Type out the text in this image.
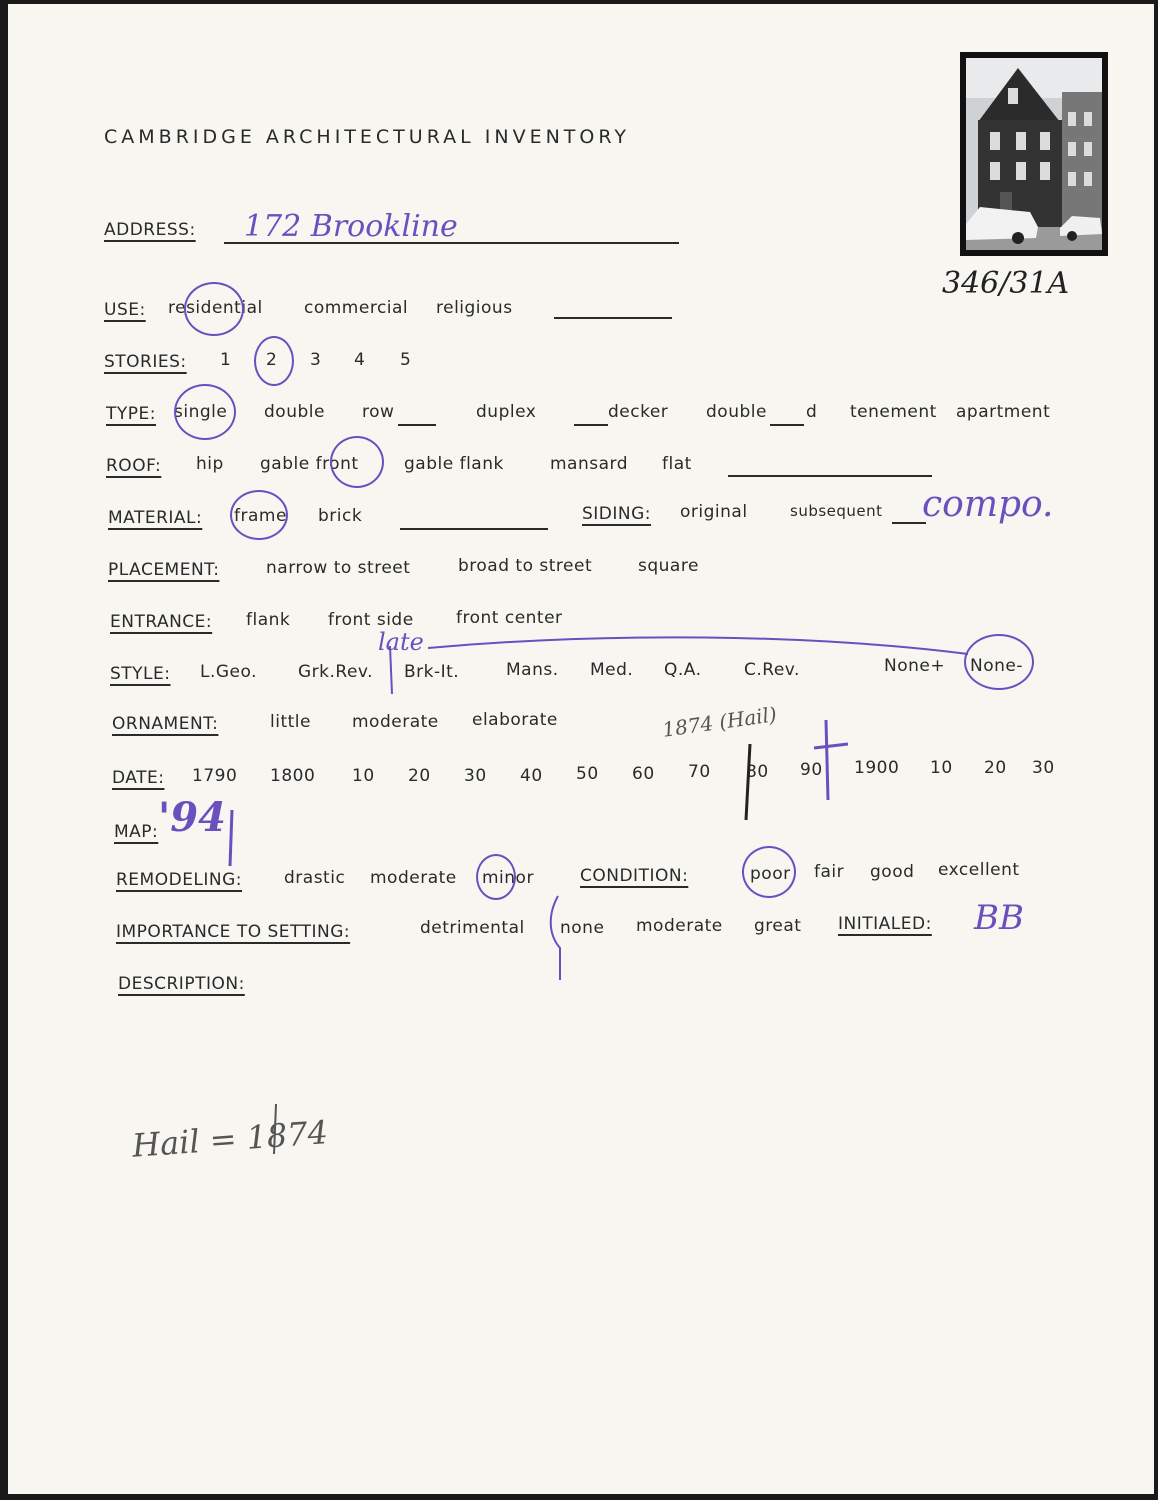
CAMBRIDGE ARCHITECTURAL INVENTORY
346/31A
ADDRESS: 172 Brookline
USE: residential commercial religious
STORIES: 1 2 3 4 5
TYPE: single double row	duplex	decker double d tenement apartment
ROOF: hip gable front	gable flank	mansard flat
MATERIAL: frame brick	SIDING: original	subsequent compo.
PLACEMENT:	narrow to street	broad to street	square
ENTRANCE: flank front side front center
STYLE: L.Geo. Grk.Rev. Brk-It.	Mans. Med. Q.A. C.Rev.	None+ None-
late
ORNAMENT:	little moderate elaborate	1874 (Hail)
DATE: 1790 1800 10 20 30 40 50 60 70 80 90 1900 10 20 30
MAP: '94
REMODELING: drastic moderate minor	CONDITION:	poor fair good excellent
IMPORTANCE TO SETTING:	detrimental none moderate great INITIALED: BB
DESCRIPTION:
Hail = 1874
